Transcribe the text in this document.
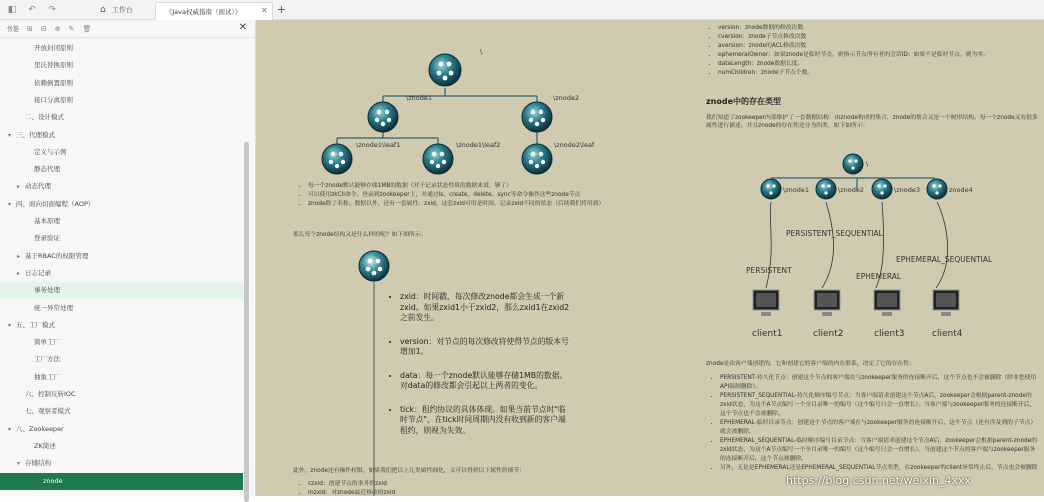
◧	↶	↷	⌂ 工作台	《Java权威指南（面试）》 ✕ +
书签 ⊞ ⊟ ⊕ ✎ 🗑	✕
开放封闭原则
里氏替换原则
依赖倒置原则
接口分离原则
二、设计模式
▾ 三、代理模式
定义与示例
静态代理
▸ 动态代理
▾ 四、面向切面编程（AOP）
基本原理
登录验证
▸ 基于RBAC的权限管理
▸ 日志记录
事务处理
统一异常处理
▾ 五、工厂模式
简单工厂
工厂方法
抽象工厂
六、控制反转IOC
七、观察者模式
▾ 八、Zookeeper
ZK简述
▾ 存储结构
znode
\
\znode1	\znode2
\znode1\leaf1	\znode1\leaf2	\znode2\leaf
\
\znode1	\znode2	\znode3	znode4
PERSISTENT_SEQUENTIAL
PERSISTENT
EPHEMERAL
EPHEMERAL_SEQUENTIAL
client1	client2	client3	client4
• 每一个znode默认能够存储1MB的数据（对于记录状态性质的数据来说，够了）
• 可以使用zkCli命令，登录到zookeeper上，并通过ls、create、delete、sync等命令操作这些znode节点
• znode除了名称、数据以外，还有一套属性：zxid，这套zxid可用是时间，记录zxid不同的状态（后续我们将用到）
那么每个znode结构又是什么样的呢？如下图所示：
• zxid：时间戳，每次修改znode都会生成一个新zxid。如果zxid1小于zxid2，那么zxid1在zxid2之前发生。
• version：对节点的每次修改将使得节点的版本号增加1。
• data：每一个znode默认能够存储1MB的数据。对data的修改都会引起以上两者的变化。
• tick：租约协议的具体体现。如果当前节点时"临时节点"，在tick时间周期内没有收到新的客户端租约，则视为失效。
此外，znode还有操作权限。如果我们把以上几类属性细化，又可以得到以下属性的细节：
• czxid：创建节点的事务的zxid
• mzxid：对znode最近修改的zxid
• version：znode数据的修改次数
• cversion：znode子节点修改次数
• aversion：znode的ACL修改次数
• ephemeralOwner：如果znode是临时节点，则指示节点所有者的会话ID；如果不是临时节点，则为零。
• dataLength：znode数据长度。
• numChildren：znode子节点个数。
znode中的存在类型
我们知道了zookeeper内部维护了一套数据结构：由znode构成的集合，znode的集合又是一个树形结构。每一个znode又有很多属性进行描述。并且znode的存在性还分为四类，如下如所示：
znode是由客户端创建的，它和创建它的客户端的内在联系，决定了它的存在性：
• PERSISTENT-持久化节点：创建这个节点的客户端在与zookeeper服务的连接断开后，这个节点也不会被删除（除非您使用API强制删除）。
• PERSISTENT_SEQUENTIAL-持久化顺序编号节点：当客户端请求创建这个节点A后，zookeeper会根据parent-znode的zxid状态，为这个A节点编写一个全目录唯一的编号（这个编号只会一直增长）。当客户端与zookeeper服务的连接断开后，这个节点也不会被删除。
• EPHEMERAL-临时目录节点：创建这个节点的客户端在与zookeeper服务的连接断开后，这个节点（还有涉及到的子节点）就会被删除。
• EPHEMERAL_SEQUENTIAL-临时顺序编号目录节点：当客户端请求创建这个节点A后，zookeeper会根据parent-znode的zxid状态，为这个A节点编写一个全目录唯一的编号（这个编号只会一直增长）。当创建这个节点的客户端与zookeeper服务的连接断开后，这个节点被删除。
• 另外，无论是EPHEMERAL还是EPHEMERAL_SEQUENTIAL节点类型，在zookeeper的client异常终止后，节点也会被删除
https://blog.csdn.net/weixin_4xxx
